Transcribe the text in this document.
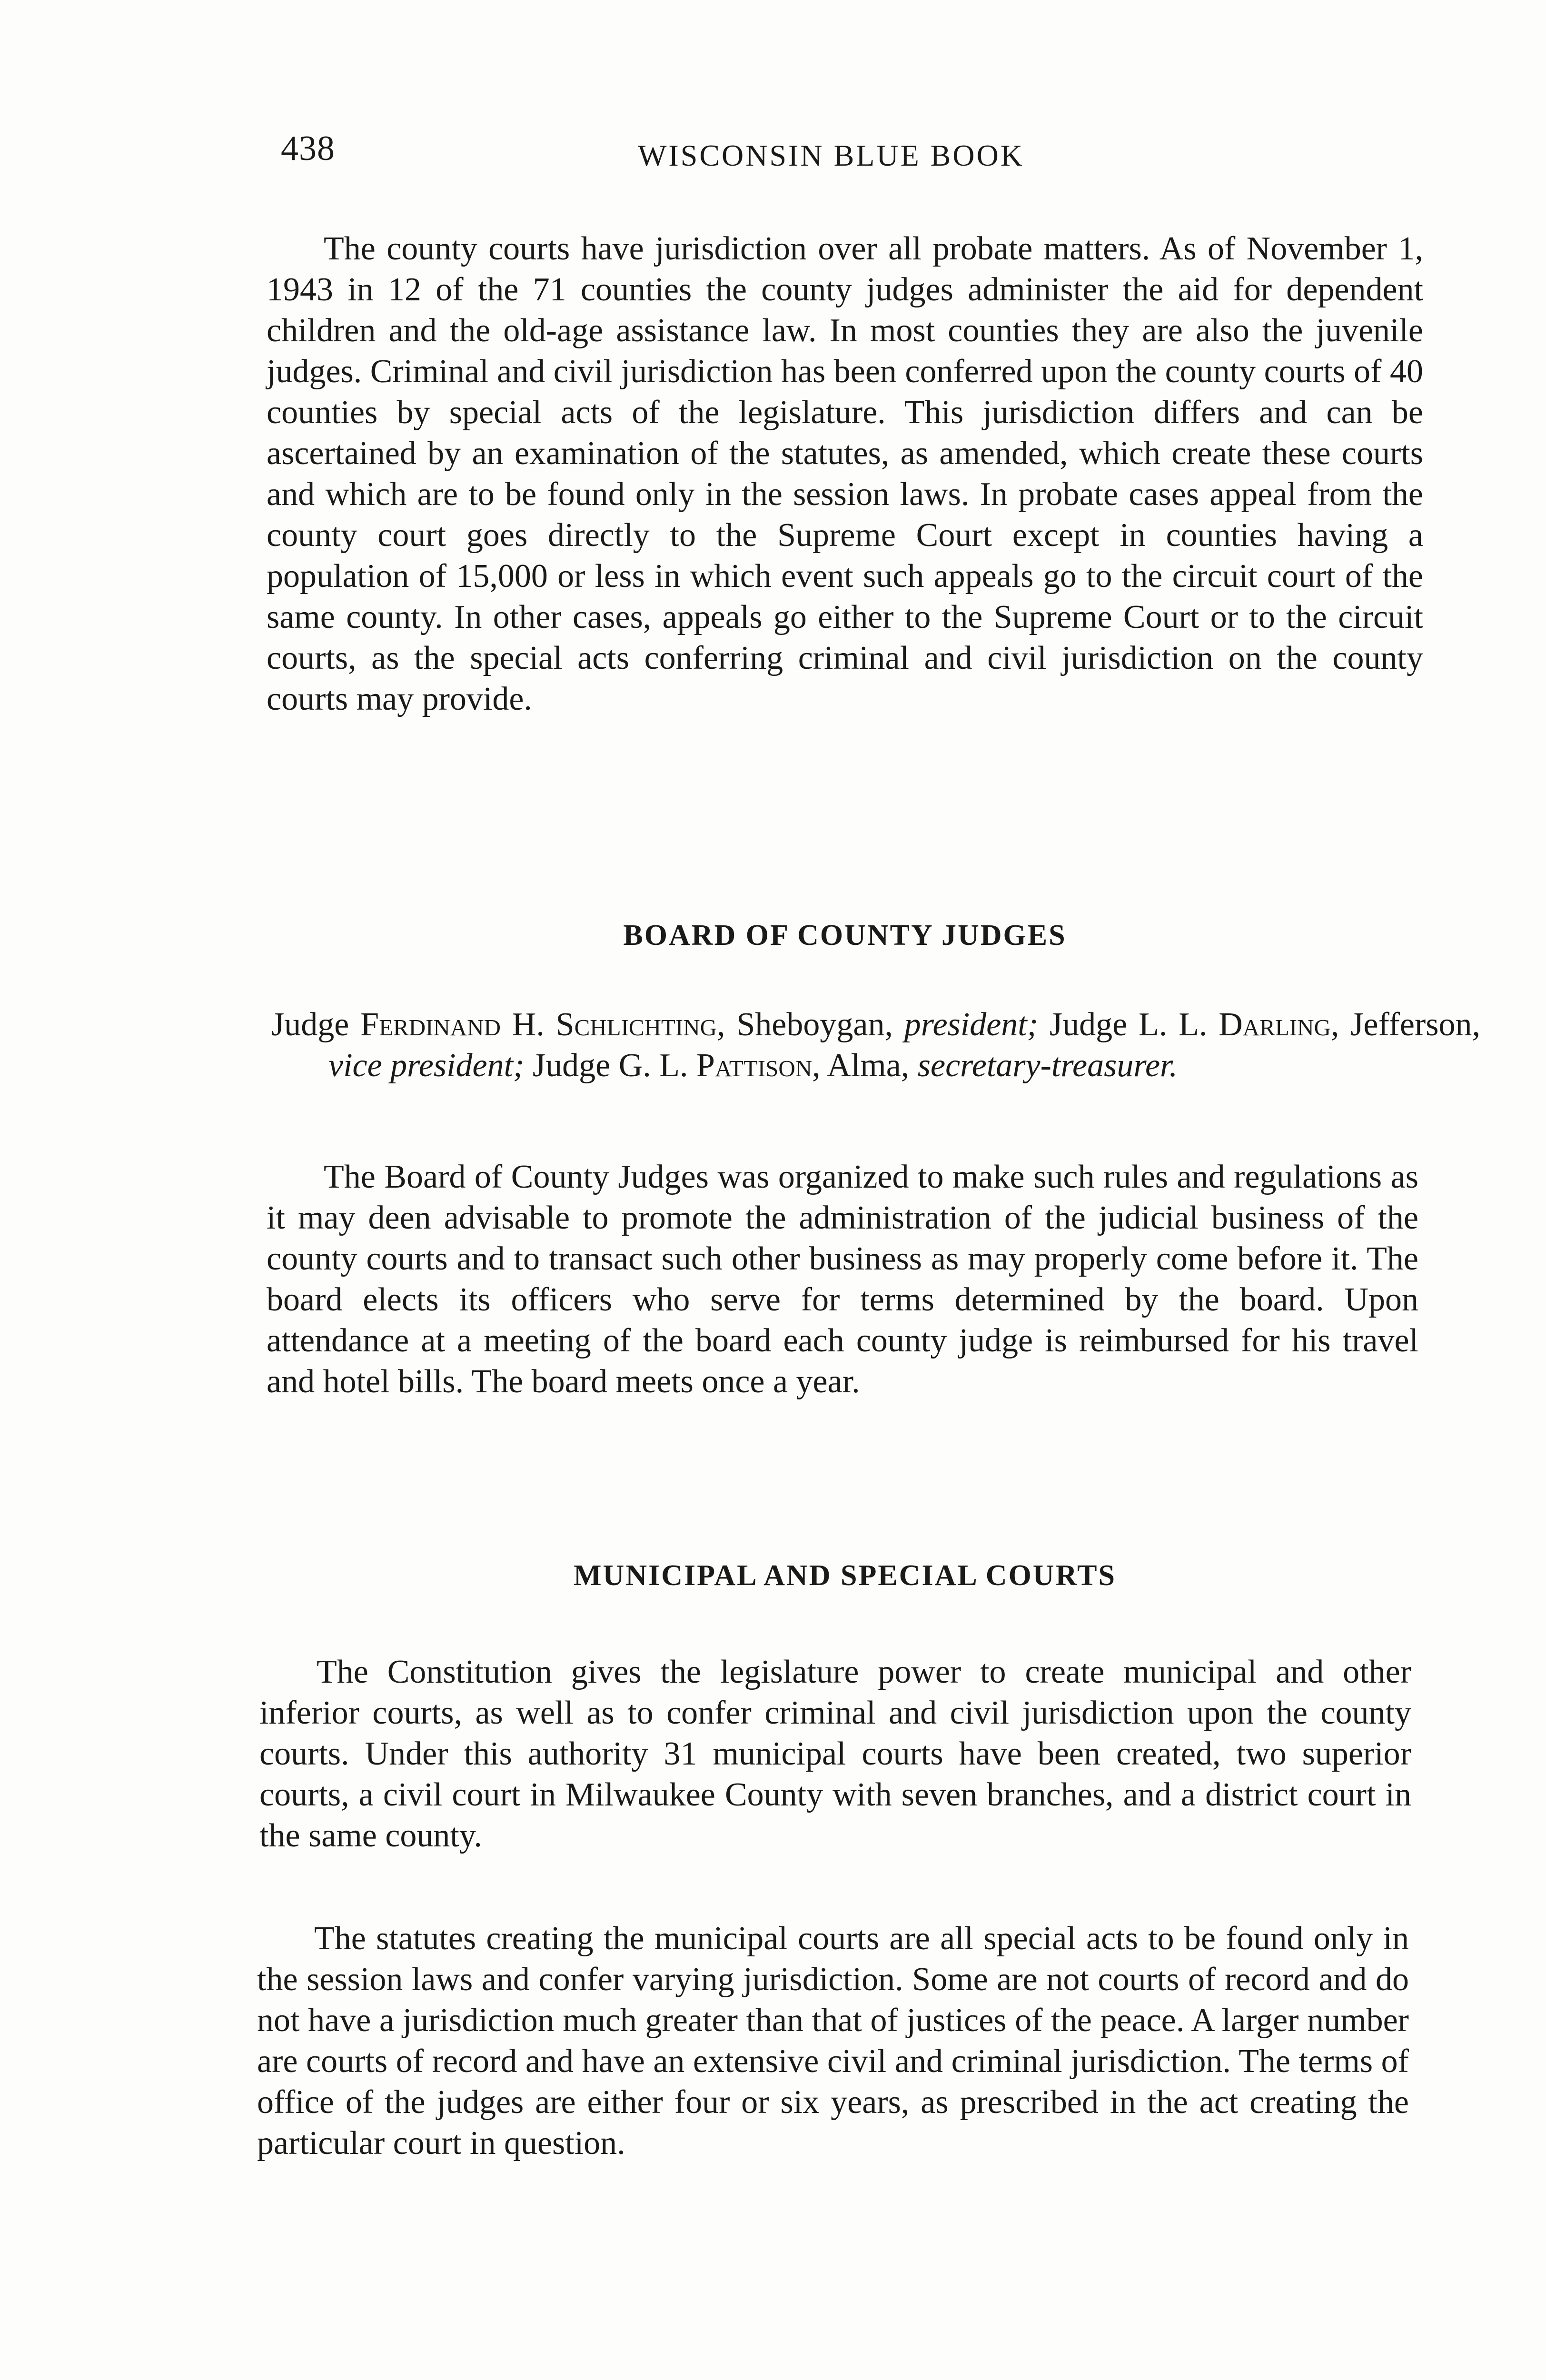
438	WISCONSIN BLUE BOOK

The county courts have jurisdiction over all probate matters. As of November 1, 1943 in 12 of the 71 counties the county judges administer the aid for dependent children and the old-age assistance law. In most counties they are also the juvenile judges. Criminal and civil jurisdiction has been conferred upon the county courts of 40 counties by special acts of the legislature. This jurisdiction differs and can be ascertained by an examination of the statutes, as amended, which create these courts and which are to be found only in the session laws. In probate cases appeal from the county court goes directly to the Supreme Court except in counties having a population of 15,000 or less in which event such appeals go to the circuit court of the same county. In other cases, appeals go either to the Supreme Court or to the circuit courts, as the special acts conferring criminal and civil jurisdiction on the county courts may provide.

BOARD OF COUNTY JUDGES

Judge Ferdinand H. Schlichting, Sheboygan, president; Judge L. L. Darling, Jefferson, vice president; Judge G. L. Pattison, Alma, secretary-treasurer.

The Board of County Judges was organized to make such rules and regulations as it may deen advisable to promote the administration of the judicial business of the county courts and to transact such other business as may properly come before it. The board elects its officers who serve for terms determined by the board. Upon attendance at a meeting of the board each county judge is reimbursed for his travel and hotel bills. The board meets once a year.

MUNICIPAL AND SPECIAL COURTS

The Constitution gives the legislature power to create municipal and other inferior courts, as well as to confer criminal and civil jurisdiction upon the county courts. Under this authority 31 municipal courts have been created, two superior courts, a civil court in Milwaukee County with seven branches, and a district court in the same county.

The statutes creating the municipal courts are all special acts to be found only in the session laws and confer varying jurisdiction. Some are not courts of record and do not have a jurisdiction much greater than that of justices of the peace. A larger number are courts of record and have an extensive civil and criminal jurisdiction. The terms of office of the judges are either four or six years, as prescribed in the act creating the particular court in question.
